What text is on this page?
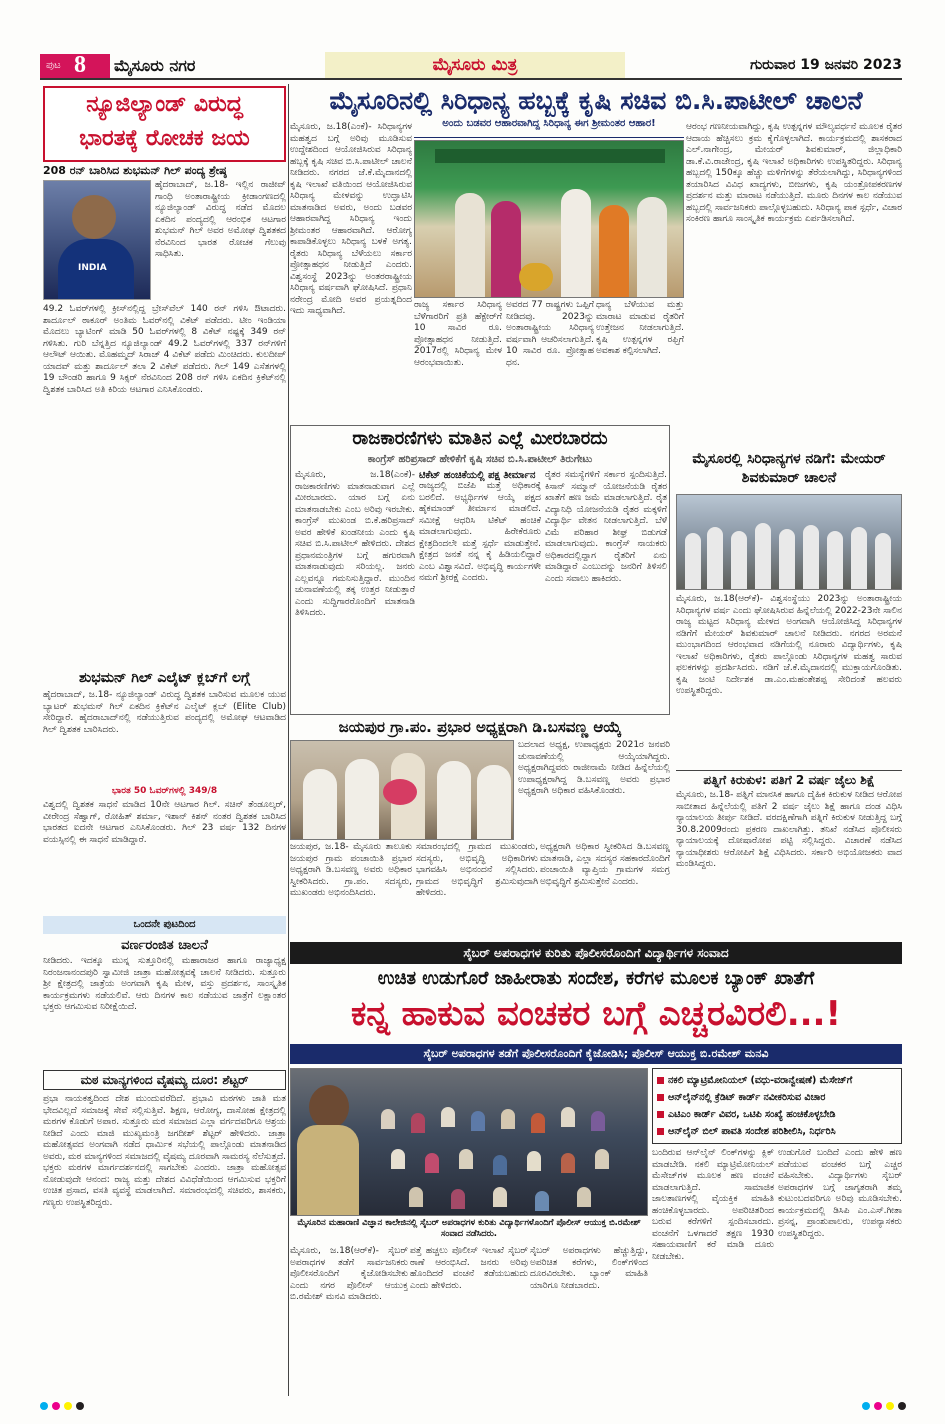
ಪುಟ 8 ಮೈಸೂರು ನಗರ	ಮೈಸೂರು ಮಿತ್ರ	ಗುರುವಾರ 19 ಜನವರಿ 2023
ನ್ಯೂಜಿಲ್ಯಾಂಡ್ ವಿರುದ್ಧ
ಭಾರತಕ್ಕೆ ರೋಚಕ ಜಯ
208 ರನ್ ಬಾರಿಸಿದ ಶುಭಮನ್ ಗಿಲ್ ಪಂದ್ಯ ಶ್ರೇಷ್ಠ
INDIA
ಹೈದರಾಬಾದ್, ಜ.18- ಇಲ್ಲಿನ ರಾಜೀವ್ ಗಾಂಧಿ ಅಂತಾರಾಷ್ಟ್ರೀಯ ಕ್ರೀಡಾಂಗಣದಲ್ಲಿ ನ್ಯೂಜಿಲ್ಯಾಂಡ್ ವಿರುದ್ಧ ನಡೆದ ಮೊದಲ ಏಕದಿನ ಪಂದ್ಯದಲ್ಲಿ ಆರಂಭಿಕ ಆಟಗಾರ ಶುಭಮನ್ ಗಿಲ್ ಅವರ ಅಮೋಘ ದ್ವಿಶತಕದ ನೆರವಿನಿಂದ ಭಾರತ ರೋಚಕ ಗೆಲುವು ಸಾಧಿಸಿತು.
49.2 ಓವರ್‌ಗಳಲ್ಲಿ ಕ್ರೀಸ್‌ನಲ್ಲಿದ್ದ ಬ್ರೇಸ್‌ವೆಲ್ 140 ರನ್ ಗಳಿಸಿ ಔಟಾದರು. ಶಾರ್ದೂಲ್ ಠಾಕೂರ್ ಅಂತಿಮ ಓವರ್‌ನಲ್ಲಿ ವಿಕೆಟ್ ಪಡೆದರು. ಟೀಂ ಇಂಡಿಯಾ ಮೊದಲು ಬ್ಯಾಟಿಂಗ್ ಮಾಡಿ 50 ಓವರ್‌ಗಳಲ್ಲಿ 8 ವಿಕೆಟ್ ನಷ್ಟಕ್ಕೆ 349 ರನ್ ಗಳಿಸಿತು. ಗುರಿ ಬೆನ್ನತ್ತಿದ ನ್ಯೂಜಿಲ್ಯಾಂಡ್ 49.2 ಓವರ್‌ಗಳಲ್ಲಿ 337 ರನ್‌ಗಳಿಗೆ ಆಲೌಟ್ ಆಯಿತು. ಮೊಹಮ್ಮದ್ ಸಿರಾಜ್ 4 ವಿಕೆಟ್ ಪಡೆದು ಮಿಂಚಿದರು. ಕುಲದೀಪ್ ಯಾದವ್ ಮತ್ತು ಶಾರ್ದೂಲ್ ತಲಾ 2 ವಿಕೆಟ್ ಪಡೆದರು. ಗಿಲ್ 149 ಎಸೆತಗಳಲ್ಲಿ 19 ಬೌಂಡರಿ ಹಾಗೂ 9 ಸಿಕ್ಸರ್ ನೆರವಿನಿಂದ 208 ರನ್ ಗಳಿಸಿ ಏಕದಿನ ಕ್ರಿಕೆಟ್‌ನಲ್ಲಿ ದ್ವಿಶತಕ ಬಾರಿಸಿದ ಅತಿ ಕಿರಿಯ ಆಟಗಾರ ಎನಿಸಿಕೊಂಡರು.
ಶುಭಮನ್ ಗಿಲ್ ಎಲೈಟ್ ಕ್ಲಬ್‌ಗೆ ಲಗ್ಗೆ
ಹೈದರಾಬಾದ್, ಜ.18- ನ್ಯೂಜಿಲ್ಯಾಂಡ್ ವಿರುದ್ಧ ದ್ವಿಶತಕ ಬಾರಿಸುವ ಮೂಲಕ ಯುವ ಬ್ಯಾಟರ್ ಶುಭಮನ್ ಗಿಲ್ ಏಕದಿನ ಕ್ರಿಕೆಟ್‌ನ ಎಲೈಟ್ ಕ್ಲಬ್ (Elite Club) ಸೇರಿದ್ದಾರೆ. ಹೈದರಾಬಾದ್‌ನಲ್ಲಿ ನಡೆಯುತ್ತಿರುವ ಪಂದ್ಯದಲ್ಲಿ ಅಮೋಘ ಆಟವಾಡಿದ ಗಿಲ್ ದ್ವಿಶತಕ ಬಾರಿಸಿದರು.
ಭಾರತ 50 ಓವರ್‌ಗಳಲ್ಲಿ 349/8
ವಿಶ್ವದಲ್ಲಿ ದ್ವಿಶತಕ ಸಾಧನೆ ಮಾಡಿದ 10ನೇ ಆಟಗಾರ ಗಿಲ್. ಸಚಿನ್ ತೆಂಡೂಲ್ಕರ್, ವೀರೇಂದ್ರ ಸೆಹ್ವಾಗ್, ರೋಹಿತ್ ಶರ್ಮಾ, ಇಶಾನ್ ಕಿಶನ್ ನಂತರ ದ್ವಿಶತಕ ಬಾರಿಸಿದ ಭಾರತದ ಐದನೇ ಆಟಗಾರ ಎನಿಸಿಕೊಂಡರು. ಗಿಲ್ 23 ವರ್ಷ 132 ದಿನಗಳ ವಯಸ್ಸಿನಲ್ಲಿ ಈ ಸಾಧನೆ ಮಾಡಿದ್ದಾರೆ.
ಒಂದನೇ ಪುಟದಿಂದ
ವರ್ಣರಂಜಿತ ಚಾಲನೆ
ನೀಡಿದರು. ಇದಕ್ಕೂ ಮುನ್ನ ಸುತ್ತೂರಿನಲ್ಲಿ ಮಹಾರಾಜರ ಹಾಗೂ ರಾಜ್ಯಾಧ್ಯಕ್ಷ ನಿರಂಜನಾನಂದಪುರಿ ಸ್ವಾಮೀಜಿ ಜಾತ್ರಾ ಮಹೋತ್ಸವಕ್ಕೆ ಚಾಲನೆ ನೀಡಿದರು. ಸುತ್ತೂರು ಶ್ರೀ ಕ್ಷೇತ್ರದಲ್ಲಿ ಜಾತ್ರೆಯ ಅಂಗವಾಗಿ ಕೃಷಿ ಮೇಳ, ವಸ್ತು ಪ್ರದರ್ಶನ, ಸಾಂಸ್ಕೃತಿಕ ಕಾರ್ಯಕ್ರಮಗಳು ನಡೆಯಲಿವೆ. ಆರು ದಿನಗಳ ಕಾಲ ನಡೆಯುವ ಜಾತ್ರೆಗೆ ಲಕ್ಷಾಂತರ ಭಕ್ತರು ಆಗಮಿಸುವ ನಿರೀಕ್ಷೆಯಿದೆ.
ಮಠ ಮಾನ್ಯಗಳಿಂದ ವೈಷಮ್ಯ ದೂರ: ಶೆಟ್ಟರ್
ಪ್ರಭಾ ನಾಯಕತ್ವದಿಂದ ದೇಶ ಮುಂದುವರೆದಿದೆ. ಪ್ರಭಾವಿ ಮಠಗಳು ಜಾತಿ ಮತ ಭೇದವಿಲ್ಲದೆ ಸಮಾಜಕ್ಕೆ ಸೇವೆ ಸಲ್ಲಿಸುತ್ತಿವೆ. ಶಿಕ್ಷಣ, ಆರೋಗ್ಯ, ದಾಸೋಹ ಕ್ಷೇತ್ರದಲ್ಲಿ ಮಠಗಳ ಕೊಡುಗೆ ಅಪಾರ. ಸುತ್ತೂರು ಮಠ ಸಮಾಜದ ಎಲ್ಲಾ ವರ್ಗದವರಿಗೂ ಆಶ್ರಯ ನೀಡಿದೆ ಎಂದು ಮಾಜಿ ಮುಖ್ಯಮಂತ್ರಿ ಜಗದೀಶ್ ಶೆಟ್ಟರ್ ಹೇಳಿದರು. ಜಾತ್ರಾ ಮಹೋತ್ಸವದ ಅಂಗವಾಗಿ ನಡೆದ ಧಾರ್ಮಿಕ ಸಭೆಯಲ್ಲಿ ಪಾಲ್ಗೊಂಡು ಮಾತನಾಡಿದ ಅವರು, ಮಠ ಮಾನ್ಯಗಳಿಂದ ಸಮಾಜದಲ್ಲಿ ವೈಷಮ್ಯ ದೂರವಾಗಿ ಸಾಮರಸ್ಯ ನೆಲೆಸುತ್ತದೆ. ಭಕ್ತರು ಮಠಗಳ ಮಾರ್ಗದರ್ಶನದಲ್ಲಿ ಸಾಗಬೇಕು ಎಂದರು. ಜಾತ್ರಾ ಮಹೋತ್ಸವ ನೋಡುವುದೇ ಆನಂದ: ರಾಜ್ಯ ಮತ್ತು ದೇಶದ ವಿವಿಧೆಡೆಯಿಂದ ಆಗಮಿಸುವ ಭಕ್ತರಿಗೆ ಉಚಿತ ಪ್ರಸಾದ, ವಸತಿ ವ್ಯವಸ್ಥೆ ಮಾಡಲಾಗಿದೆ. ಸಮಾರಂಭದಲ್ಲಿ ಸಚಿವರು, ಶಾಸಕರು, ಗಣ್ಯರು ಉಪಸ್ಥಿತರಿದ್ದರು.
ಮೈಸೂರಿನಲ್ಲಿ ಸಿರಿಧಾನ್ಯ ಹಬ್ಬಕ್ಕೆ ಕೃಷಿ ಸಚಿವ ಬಿ.ಸಿ.ಪಾಟೀಲ್ ಚಾಲನೆ
ಮೈಸೂರು, ಜ.18(ಎಂಕೆ)- ಸಿರಿಧಾನ್ಯಗಳ ಮಹತ್ವದ ಬಗ್ಗೆ ಅರಿವು ಮೂಡಿಸುವ ಉದ್ದೇಶದಿಂದ ಆಯೋಜಿಸಿರುವ ಸಿರಿಧಾನ್ಯ ಹಬ್ಬಕ್ಕೆ ಕೃಷಿ ಸಚಿವ ಬಿ.ಸಿ.ಪಾಟೀಲ್ ಚಾಲನೆ ನೀಡಿದರು. ನಗರದ ಜೆ.ಕೆ.ಮೈದಾನದಲ್ಲಿ ಕೃಷಿ ಇಲಾಖೆ ವತಿಯಿಂದ ಆಯೋಜಿಸಿರುವ ಸಿರಿಧಾನ್ಯ ಮೇಳವನ್ನು ಉದ್ಘಾಟಿಸಿ ಮಾತನಾಡಿದ ಅವರು, ಅಂದು ಬಡವರ ಆಹಾರವಾಗಿದ್ದ ಸಿರಿಧಾನ್ಯ ಇಂದು ಶ್ರೀಮಂತರ ಆಹಾರವಾಗಿದೆ. ಆರೋಗ್ಯ ಕಾಪಾಡಿಕೊಳ್ಳಲು ಸಿರಿಧಾನ್ಯ ಬಳಕೆ ಅಗತ್ಯ. ರೈತರು ಸಿರಿಧಾನ್ಯ ಬೆಳೆಯಲು ಸರ್ಕಾರ ಪ್ರೋತ್ಸಾಹಧನ ನೀಡುತ್ತಿದೆ ಎಂದರು. ವಿಶ್ವಸಂಸ್ಥೆ 2023ನ್ನು ಅಂತರರಾಷ್ಟ್ರೀಯ ಸಿರಿಧಾನ್ಯ ವರ್ಷವಾಗಿ ಘೋಷಿಸಿದೆ. ಪ್ರಧಾನಿ ನರೇಂದ್ರ ಮೋದಿ ಅವರ ಪ್ರಯತ್ನದಿಂದ ಇದು ಸಾಧ್ಯವಾಗಿದೆ.
ಅಂದು ಬಡವರ ಆಹಾರವಾಗಿದ್ದ ಸಿರಿಧಾನ್ಯ ಈಗ ಶ್ರೀಮಂತರ ಆಹಾರ!	ಆರಂಭ ಗಣನೀಯವಾಗಿದ್ದು, ಕೃಷಿ ಉತ್ಪನ್ನಗಳ ಮೌಲ್ಯವರ್ಧನೆ ಮೂಲಕ ರೈತರ ಆದಾಯ ಹೆಚ್ಚಿಸಲು ಕ್ರಮ ಕೈಗೊಳ್ಳಲಾಗಿದೆ. ಕಾರ್ಯಕ್ರಮದಲ್ಲಿ ಶಾಸಕರಾದ ಎಲ್.ನಾಗೇಂದ್ರ, ಮೇಯರ್ ಶಿವಕುಮಾರ್, ಜಿಲ್ಲಾಧಿಕಾರಿ ಡಾ.ಕೆ.ವಿ.ರಾಜೇಂದ್ರ, ಕೃಷಿ ಇಲಾಖೆ ಅಧಿಕಾರಿಗಳು ಉಪಸ್ಥಿತರಿದ್ದರು. ಸಿರಿಧಾನ್ಯ ಹಬ್ಬದಲ್ಲಿ 150ಕ್ಕೂ ಹೆಚ್ಚು ಮಳಿಗೆಗಳನ್ನು ತೆರೆಯಲಾಗಿದ್ದು, ಸಿರಿಧಾನ್ಯಗಳಿಂದ ತಯಾರಿಸಿದ ವಿವಿಧ ಖಾದ್ಯಗಳು, ಬೀಜಗಳು, ಕೃಷಿ ಯಂತ್ರೋಪಕರಣಗಳ ಪ್ರದರ್ಶನ ಮತ್ತು ಮಾರಾಟ ನಡೆಯುತ್ತಿದೆ. ಮೂರು ದಿನಗಳ ಕಾಲ ನಡೆಯುವ ಹಬ್ಬದಲ್ಲಿ ಸಾರ್ವಜನಿಕರು ಪಾಲ್ಗೊಳ್ಳಬಹುದು. ಸಿರಿಧಾನ್ಯ ಪಾಕ ಸ್ಪರ್ಧೆ, ವಿಚಾರ ಸಂಕಿರಣ ಹಾಗೂ ಸಾಂಸ್ಕೃತಿಕ ಕಾರ್ಯಕ್ರಮ ಏರ್ಪಡಿಸಲಾಗಿದೆ.
ರಾಜ್ಯ ಸರ್ಕಾರ ಸಿರಿಧಾನ್ಯ ಬೆಳೆಗಾರರಿಗೆ ಪ್ರತಿ ಹೆಕ್ಟೇರ್‌ಗೆ 10 ಸಾವಿರ ರೂ. ಪ್ರೋತ್ಸಾಹಧನ ನೀಡುತ್ತಿದೆ. 2017ರಲ್ಲಿ ಸಿರಿಧಾನ್ಯ ಮೇಳ ಆರಂಭವಾಯಿತು.
ಅವರದ 77 ರಾಷ್ಟ್ರಗಳು ಒಪ್ಪಿಗೆ ನೀಡಿದವು. 2023ನ್ನು ಅಂತಾರಾಷ್ಟ್ರೀಯ ಸಿರಿಧಾನ್ಯ ವರ್ಷವಾಗಿ ಆಚರಿಸಲಾಗುತ್ತಿದೆ. 10 ಸಾವಿರ ರೂ. ಪ್ರೋತ್ಸಾಹ ಧನ.
ಧಾನ್ಯ ಬೆಳೆಯುವ ಮತ್ತು ಮಾರಾಟ ಮಾಡುವ ರೈತರಿಗೆ ಉತ್ತೇಜನ ನೀಡಲಾಗುತ್ತಿದೆ. ಕೃಷಿ ಉತ್ಪನ್ನಗಳ ರಫ್ತಿಗೆ ಅವಕಾಶ ಕಲ್ಪಿಸಲಾಗಿದೆ.
ರಾಜಕಾರಣಿಗಳು ಮಾತಿನ ಎಲ್ಲೆ ಮೀರಬಾರದು
ಕಾಂಗ್ರೆಸ್ ಹರಿಪ್ರಸಾದ್ ಹೇಳಿಕೆಗೆ ಕೃಷಿ ಸಚಿವ ಬಿ.ಸಿ.ಪಾಟೀಲ್ ತಿರುಗೇಟು
ಮೈಸೂರು, ಜ.18(ಎಂಕೆ)- ರಾಜಕಾರಣಿಗಳು ಮಾತನಾಡುವಾಗ ಎಲ್ಲೆ ಮೀರಬಾರದು. ಯಾರ ಬಗ್ಗೆ ಏನು ಮಾತನಾಡಬೇಕು ಎಂಬ ಅರಿವು ಇರಬೇಕು. ಕಾಂಗ್ರೆಸ್ ಮುಖಂಡ ಬಿ.ಕೆ.ಹರಿಪ್ರಸಾದ್ ಅವರ ಹೇಳಿಕೆ ಖಂಡನೀಯ ಎಂದು ಕೃಷಿ ಸಚಿವ ಬಿ.ಸಿ.ಪಾಟೀಲ್ ಹೇಳಿದರು. ದೇಶದ ಪ್ರಧಾನಮಂತ್ರಿಗಳ ಬಗ್ಗೆ ಹಗುರವಾಗಿ ಮಾತನಾಡುವುದು ಸರಿಯಲ್ಲ. ಜನರು ಎಲ್ಲವನ್ನೂ ಗಮನಿಸುತ್ತಿದ್ದಾರೆ. ಮುಂದಿನ ಚುನಾವಣೆಯಲ್ಲಿ ತಕ್ಕ ಉತ್ತರ ನೀಡುತ್ತಾರೆ ಎಂದು ಸುದ್ದಿಗಾರರೊಂದಿಗೆ ಮಾತನಾಡಿ ತಿಳಿಸಿದರು.
ಟಿಕೆಟ್ ಹಂಚಿಕೆಯಲ್ಲಿ ಪಕ್ಷ ತೀರ್ಮಾನ
ರಾಜ್ಯದಲ್ಲಿ ಬಿಜೆಪಿ ಮತ್ತೆ ಅಧಿಕಾರಕ್ಕೆ ಬರಲಿದೆ. ಅಭ್ಯರ್ಥಿಗಳ ಆಯ್ಕೆ ಪಕ್ಷದ ಹೈಕಮಾಂಡ್ ತೀರ್ಮಾನ ಮಾಡಲಿದೆ. ಸಮೀಕ್ಷೆ ಆಧರಿಸಿ ಟಿಕೆಟ್ ಹಂಚಿಕೆ ಮಾಡಲಾಗುವುದು. ಹಿರೇಕೆರೂರು ಕ್ಷೇತ್ರದಿಂದಲೇ ಮತ್ತೆ ಸ್ಪರ್ಧೆ ಮಾಡುತ್ತೇನೆ. ಕ್ಷೇತ್ರದ ಜನತೆ ನನ್ನ ಕೈ ಹಿಡಿಯಲಿದ್ದಾರೆ ಎಂಬ ವಿಶ್ವಾಸವಿದೆ. ಅಭಿವೃದ್ಧಿ ಕಾರ್ಯಗಳೇ ನಮಗೆ ಶ್ರೀರಕ್ಷೆ ಎಂದರು.
ರೈತರ ಸಮಸ್ಯೆಗಳಿಗೆ ಸರ್ಕಾರ ಸ್ಪಂದಿಸುತ್ತಿದೆ. ಕಿಸಾನ್ ಸಮ್ಮಾನ್ ಯೋಜನೆಯಡಿ ರೈತರ ಖಾತೆಗೆ ಹಣ ಜಮೆ ಮಾಡಲಾಗುತ್ತಿದೆ. ರೈತ ವಿದ್ಯಾನಿಧಿ ಯೋಜನೆಯಡಿ ರೈತರ ಮಕ್ಕಳಿಗೆ ವಿದ್ಯಾರ್ಥಿ ವೇತನ ನೀಡಲಾಗುತ್ತಿದೆ. ಬೆಳೆ ವಿಮೆ ಪರಿಹಾರ ಶೀಘ್ರ ಬಿಡುಗಡೆ ಮಾಡಲಾಗುವುದು. ಕಾಂಗ್ರೆಸ್ ನಾಯಕರು ಅಧಿಕಾರದಲ್ಲಿದ್ದಾಗ ರೈತರಿಗೆ ಏನು ಮಾಡಿದ್ದಾರೆ ಎಂಬುದನ್ನು ಜನರಿಗೆ ತಿಳಿಸಲಿ ಎಂದು ಸವಾಲು ಹಾಕಿದರು.
ಮೈಸೂರಲ್ಲಿ ಸಿರಿಧಾನ್ಯಗಳ ನಡಿಗೆ: ಮೇಯರ್ ಶಿವಕುಮಾರ್ ಚಾಲನೆ
ಮೈಸೂರು, ಜ.18(ಆರ್‌ಕೆ)- ವಿಶ್ವಸಂಸ್ಥೆಯು 2023ನ್ನು ಅಂತಾರಾಷ್ಟ್ರೀಯ ಸಿರಿಧಾನ್ಯಗಳ ವರ್ಷ ಎಂದು ಘೋಷಿಸಿರುವ ಹಿನ್ನೆಲೆಯಲ್ಲಿ 2022-23ನೇ ಸಾಲಿನ ರಾಜ್ಯ ಮಟ್ಟದ ಸಿರಿಧಾನ್ಯ ಮೇಳದ ಅಂಗವಾಗಿ ಆಯೋಜಿಸಿದ್ದ ಸಿರಿಧಾನ್ಯಗಳ ನಡಿಗೆಗೆ ಮೇಯರ್ ಶಿವಕುಮಾರ್ ಚಾಲನೆ ನೀಡಿದರು. ನಗರದ ಅರಮನೆ ಮುಂಭಾಗದಿಂದ ಆರಂಭವಾದ ನಡಿಗೆಯಲ್ಲಿ ನೂರಾರು ವಿದ್ಯಾರ್ಥಿಗಳು, ಕೃಷಿ ಇಲಾಖೆ ಅಧಿಕಾರಿಗಳು, ರೈತರು ಪಾಲ್ಗೊಂಡು ಸಿರಿಧಾನ್ಯಗಳ ಮಹತ್ವ ಸಾರುವ ಫಲಕಗಳನ್ನು ಪ್ರದರ್ಶಿಸಿದರು. ನಡಿಗೆ ಜೆ.ಕೆ.ಮೈದಾನದಲ್ಲಿ ಮುಕ್ತಾಯಗೊಂಡಿತು. ಕೃಷಿ ಜಂಟಿ ನಿರ್ದೇಶಕ ಡಾ.ಎಂ.ಮಹಂತೇಶಪ್ಪ ಸೇರಿದಂತೆ ಹಲವರು ಉಪಸ್ಥಿತರಿದ್ದರು.
ಜಯಪುರ ಗ್ರಾ.ಪಂ. ಪ್ರಭಾರ ಅಧ್ಯಕ್ಷರಾಗಿ ಡಿ.ಬಸವಣ್ಣ ಆಯ್ಕೆ
ಬದಲಾದ ಅಧ್ಯಕ್ಷ, ಉಪಾಧ್ಯಕ್ಷರು 2021ರ ಜನವರಿ ಚುನಾವಣೆಯಲ್ಲಿ ಆಯ್ಕೆಯಾಗಿದ್ದರು. ಅಧ್ಯಕ್ಷರಾಗಿದ್ದವರು ರಾಜೀನಾಮೆ ನೀಡಿದ ಹಿನ್ನೆಲೆಯಲ್ಲಿ ಉಪಾಧ್ಯಕ್ಷರಾಗಿದ್ದ ಡಿ.ಬಸವಣ್ಣ ಅವರು ಪ್ರಭಾರ ಅಧ್ಯಕ್ಷರಾಗಿ ಅಧಿಕಾರ ವಹಿಸಿಕೊಂಡರು.
ಜಯಪುರ, ಜ.18- ಮೈಸೂರು ತಾಲೂಕು ಜಯಪುರ ಗ್ರಾಮ ಪಂಚಾಯಿತಿ ಪ್ರಭಾರ ಅಧ್ಯಕ್ಷರಾಗಿ ಡಿ.ಬಸವಣ್ಣ ಅವರು ಅಧಿಕಾರ ಸ್ವೀಕರಿಸಿದರು. ಗ್ರಾ.ಪಂ. ಸದಸ್ಯರು, ಮುಖಂಡರು ಅಭಿನಂದಿಸಿದರು.
ಸಮಾರಂಭದಲ್ಲಿ ಗ್ರಾಮದ ಮುಖಂಡರು, ಸದಸ್ಯರು, ಅಭಿವೃದ್ಧಿ ಅಧಿಕಾರಿಗಳು ಭಾಗವಹಿಸಿ ಅಭಿನಂದನೆ ಸಲ್ಲಿಸಿದರು. ಗ್ರಾಮದ ಅಭಿವೃದ್ಧಿಗೆ ಶ್ರಮಿಸುವುದಾಗಿ ಹೇಳಿದರು.
ಅಧ್ಯಕ್ಷರಾಗಿ ಅಧಿಕಾರ ಸ್ವೀಕರಿಸಿದ ಡಿ.ಬಸವಣ್ಣ ಮಾತನಾಡಿ, ಎಲ್ಲಾ ಸದಸ್ಯರ ಸಹಕಾರದೊಂದಿಗೆ ಪಂಚಾಯಿತಿ ವ್ಯಾಪ್ತಿಯ ಗ್ರಾಮಗಳ ಸಮಗ್ರ ಅಭಿವೃದ್ಧಿಗೆ ಶ್ರಮಿಸುತ್ತೇನೆ ಎಂದರು.
ಪತ್ನಿಗೆ ಕಿರುಕುಳ: ಪತಿಗೆ 2 ವರ್ಷ ಜೈಲು ಶಿಕ್ಷೆ
ಮೈಸೂರು, ಜ.18- ಪತ್ನಿಗೆ ಮಾನಸಿಕ ಹಾಗೂ ದೈಹಿಕ ಕಿರುಕುಳ ನೀಡಿದ ಆರೋಪ ಸಾಬೀತಾದ ಹಿನ್ನೆಲೆಯಲ್ಲಿ ಪತಿಗೆ 2 ವರ್ಷ ಜೈಲು ಶಿಕ್ಷೆ ಹಾಗೂ ದಂಡ ವಿಧಿಸಿ ನ್ಯಾಯಾಲಯ ತೀರ್ಪು ನೀಡಿದೆ. ವರದಕ್ಷಿಣೆಗಾಗಿ ಪತ್ನಿಗೆ ಕಿರುಕುಳ ನೀಡುತ್ತಿದ್ದ ಬಗ್ಗೆ 30.8.2009ರಂದು ಪ್ರಕರಣ ದಾಖಲಾಗಿತ್ತು. ತನಿಖೆ ನಡೆಸಿದ ಪೊಲೀಸರು ನ್ಯಾಯಾಲಯಕ್ಕೆ ದೋಷಾರೋಪ ಪಟ್ಟಿ ಸಲ್ಲಿಸಿದ್ದರು. ವಿಚಾರಣೆ ನಡೆಸಿದ ನ್ಯಾಯಾಧೀಶರು ಆರೋಪಿಗೆ ಶಿಕ್ಷೆ ವಿಧಿಸಿದರು. ಸರ್ಕಾರಿ ಅಭಿಯೋಜಕರು ವಾದ ಮಂಡಿಸಿದ್ದರು.
ಸೈಬರ್ ಅಪರಾಧಗಳ ಕುರಿತು ಪೊಲೀಸರೊಂದಿಗೆ ವಿದ್ಯಾರ್ಥಿಗಳ ಸಂವಾದ
ಉಚಿತ ಉಡುಗೊರೆ ಜಾಹೀರಾತು ಸಂದೇಶ, ಕರೆಗಳ ಮೂಲಕ ಬ್ಯಾಂಕ್ ಖಾತೆಗೆ
ಕನ್ನ ಹಾಕುವ ವಂಚಕರ ಬಗ್ಗೆ ಎಚ್ಚರವಿರಲಿ...!
ಸೈಬರ್ ಅಪರಾಧಗಳ ತಡೆಗೆ ಪೊಲೀಸರೊಂದಿಗೆ ಕೈಜೋಡಿಸಿ; ಪೊಲೀಸ್ ಆಯುಕ್ತ ಬಿ.ರಮೇಶ್ ಮನವಿ
ಮೈಸೂರಿನ ಮಹಾರಾಣಿ ವಿಜ್ಞಾನ ಕಾಲೇಜಿನಲ್ಲಿ ಸೈಬರ್ ಅಪರಾಧಗಳ ಕುರಿತು ವಿದ್ಯಾರ್ಥಿಗಳೊಂದಿಗೆ ಪೊಲೀಸ್ ಆಯುಕ್ತ ಬಿ.ರಮೇಶ್ ಸಂವಾದ ನಡೆಸಿದರು.
ನಕಲಿ ಮ್ಯಾಟ್ರಿಮೋನಿಯಲ್ (ವಧು-ವರಾನ್ವೇಷಣೆ) ಮೆಸೇಜ್‌ಗೆ
ಆನ್‌ಲೈನ್‌ನಲ್ಲಿ ಕ್ರೆಡಿಟ್ ಕಾರ್ಡ್ ನವೀಕರಿಸುವ ವಿಚಾರ
ಎಟಿಎಂ ಕಾರ್ಡ್ ವಿವರ, ಒಟಿಪಿ ಸಂಖ್ಯೆ ಹಂಚಿಕೊಳ್ಳಬೇಡಿ
ಆನ್‌ಲೈನ್ ಬಿಲ್ ಪಾವತಿ ಸಂದೇಶ ಪರಿಶೀಲಿಸಿ, ನಿರ್ಧರಿಸಿ
ಬಂದಿರುವ ಆನ್‌ಲೈನ್ ಲಿಂಕ್‌ಗಳನ್ನು ಕ್ಲಿಕ್ ಮಾಡಬೇಡಿ. ನಕಲಿ ಮ್ಯಾಟ್ರಿಮೋನಿಯಲ್ ಮೆಸೇಜ್‌ಗಳ ಮೂಲಕ ಹಣ ವಂಚನೆ ಮಾಡಲಾಗುತ್ತಿದೆ. ಸಾಮಾಜಿಕ ಜಾಲತಾಣಗಳಲ್ಲಿ ವೈಯಕ್ತಿಕ ಮಾಹಿತಿ ಹಂಚಿಕೊಳ್ಳಬಾರದು. ಅಪರಿಚಿತರಿಂದ ಬರುವ ಕರೆಗಳಿಗೆ ಸ್ಪಂದಿಸಬಾರದು. ವಂಚನೆಗೆ ಒಳಗಾದರೆ ತಕ್ಷಣ 1930 ಸಹಾಯವಾಣಿಗೆ ಕರೆ ಮಾಡಿ ದೂರು ನೀಡಬೇಕು.
ಉಡುಗೊರೆ ಬಂದಿದೆ ಎಂದು ಹೇಳಿ ಹಣ ಪಡೆಯುವ ವಂಚಕರ ಬಗ್ಗೆ ಎಚ್ಚರ ವಹಿಸಬೇಕು. ವಿದ್ಯಾರ್ಥಿಗಳು ಸೈಬರ್ ಅಪರಾಧಗಳ ಬಗ್ಗೆ ಜಾಗೃತರಾಗಿ ತಮ್ಮ ಕುಟುಂಬದವರಿಗೂ ಅರಿವು ಮೂಡಿಸಬೇಕು. ಕಾರ್ಯಕ್ರಮದಲ್ಲಿ ಡಿಸಿಪಿ ಎಂ.ಎಸ್.ಗೀತಾ ಪ್ರಸನ್ನ, ಪ್ರಾಂಶುಪಾಲರು, ಉಪನ್ಯಾಸಕರು ಉಪಸ್ಥಿತರಿದ್ದರು.
ಮೈಸೂರು, ಜ.18(ಆರ್‌ಕೆ)- ಸೈಬರ್ ಅಪರಾಧಗಳ ತಡೆಗೆ ಸಾರ್ವಜನಿಕರು ಪೊಲೀಸರೊಂದಿಗೆ ಕೈಜೋಡಿಸಬೇಕು ಎಂದು ನಗರ ಪೊಲೀಸ್ ಆಯುಕ್ತ ಬಿ.ರಮೇಶ್ ಮನವಿ ಮಾಡಿದರು.
ಪತ್ತೆ ಹಚ್ಚಲು ಪೊಲೀಸ್ ಇಲಾಖೆ ಸೈಬರ್ ಠಾಣೆ ಆರಂಭಿಸಿದೆ. ಜನರು ಅರಿವು ಹೊಂದಿದರೆ ವಂಚನೆ ತಡೆಯಬಹುದು ಎಂದು ಹೇಳಿದರು.
ಸೈಬರ್ ಅಪರಾಧಗಳು ಹೆಚ್ಚುತ್ತಿದ್ದು, ಅಪರಿಚಿತ ಕರೆಗಳು, ಲಿಂಕ್‌ಗಳಿಂದ ದೂರವಿರಬೇಕು. ಬ್ಯಾಂಕ್ ಮಾಹಿತಿ ಯಾರಿಗೂ ನೀಡಬಾರದು.
